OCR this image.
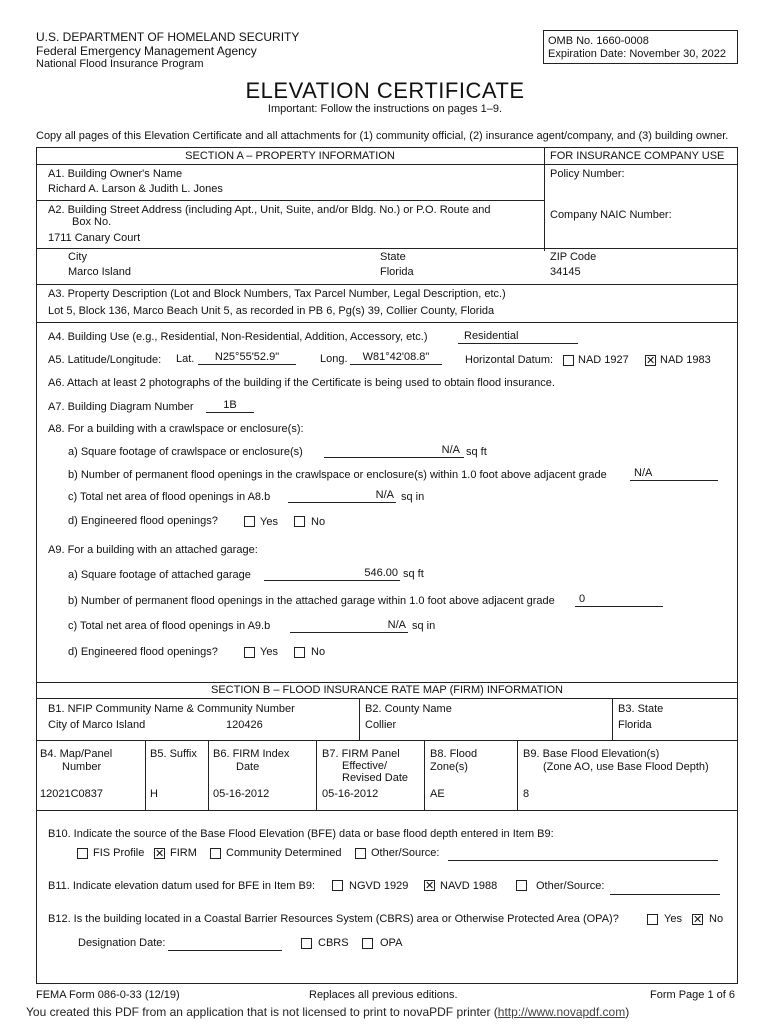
U.S. DEPARTMENT OF HOMELAND SECURITY
Federal Emergency Management Agency
National Flood Insurance Program
OMB No. 1660-0008
Expiration Date: November 30, 2022
ELEVATION CERTIFICATE
Important: Follow the instructions on pages 1–9.
Copy all pages of this Elevation Certificate and all attachments for (1) community official, (2) insurance agent/company, and (3) building owner.
SECTION A – PROPERTY INFORMATION	FOR INSURANCE COMPANY USE
A1. Building Owner's Name
Richard A. Larson & Judith L. Jones
Policy Number:
A2. Building Street Address (including Apt., Unit, Suite, and/or Bldg. No.) or P.O. Route and
Box No.
1711 Canary Court
Company NAIC Number:
City
Marco Island
State
Florida
ZIP Code
34145
A3. Property Description (Lot and Block Numbers, Tax Parcel Number, Legal Description, etc.)
Lot 5, Block 136, Marco Beach Unit 5, as recorded in PB 6, Pg(s) 39, Collier County, Florida
A4. Building Use (e.g., Residential, Non-Residential, Addition, Accessory, etc.)	Residential
A5. Latitude/Longitude: Lat.	N25°55'52.9"	Long.	W81°42'08.8"	Horizontal Datum: NAD 1927 ✕ NAD 1983
A6. Attach at least 2 photographs of the building if the Certificate is being used to obtain flood insurance.
A7. Building Diagram Number	1B
A8. For a building with a crawlspace or enclosure(s):
a) Square footage of crawlspace or enclosure(s)	N/A sq ft
b) Number of permanent flood openings in the crawlspace or enclosure(s) within 1.0 foot above adjacent grade	N/A
c) Total net area of flood openings in A8.b	N/A sq in
d) Engineered flood openings?	Yes	No
A9. For a building with an attached garage:
a) Square footage of attached garage	546.00 sq ft
b) Number of permanent flood openings in the attached garage within 1.0 foot above adjacent grade	0
c) Total net area of flood openings in A9.b	N/A sq in
d) Engineered flood openings?	Yes	No
SECTION B – FLOOD INSURANCE RATE MAP (FIRM) INFORMATION
B1. NFIP Community Name & Community Number
City of Marco Island	120426
B2. County Name
Collier
B3. State
Florida
B4. Map/Panel
Number
12021C0837
B5. Suffix
H
B6. FIRM Index
Date
05-16-2012
B7. FIRM Panel
Effective/
Revised Date
05-16-2012
B8. Flood
Zone(s)
AE
B9. Base Flood Elevation(s)
(Zone AO, use Base Flood Depth)
8
B10. Indicate the source of the Base Flood Elevation (BFE) data or base flood depth entered in Item B9:
FIS Profile ✕ FIRM	Community Determined	Other/Source:
B11. Indicate elevation datum used for BFE in Item B9:	NGVD 1929 ✕ NAVD 1988	Other/Source:
B12. Is the building located in a Coastal Barrier Resources System (CBRS) area or Otherwise Protected Area (OPA)?	Yes ✕ No
Designation Date:	CBRS	OPA
FEMA Form 086-0-33 (12/19)	Replaces all previous editions.	Form Page 1 of 6
You created this PDF from an application that is not licensed to print to novaPDF printer (http://www.novapdf.com)
